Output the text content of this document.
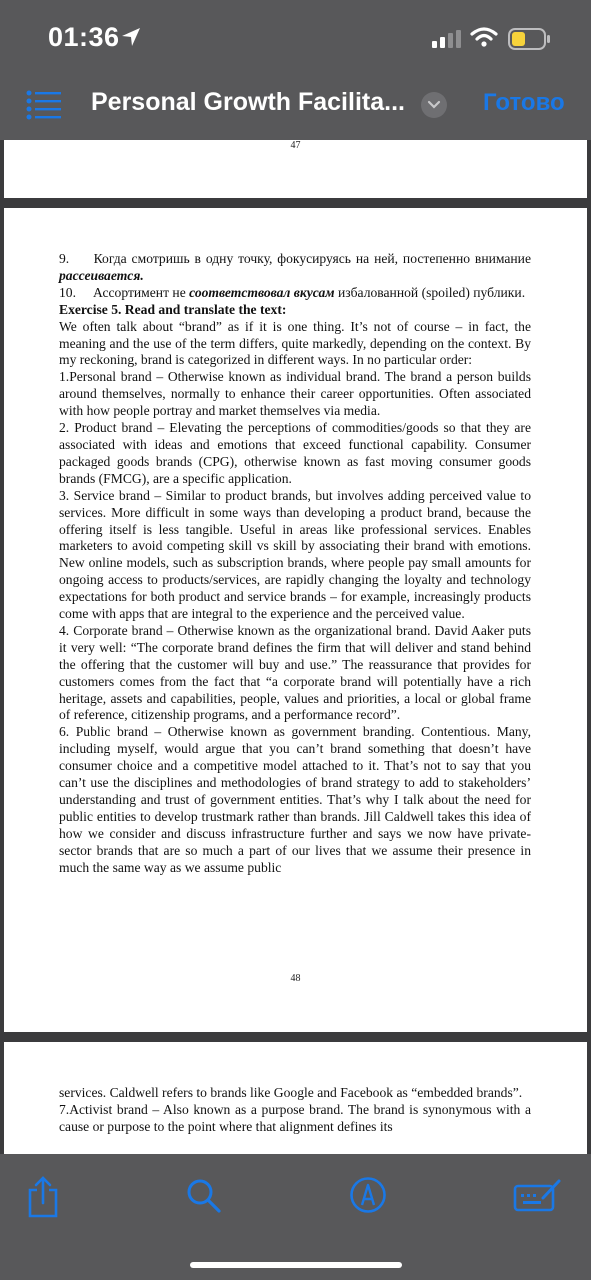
01:36
Personal Growth Facilita...	Готово
47

9. Когда смотришь в одну точку, фокусируясь на ней, постепенно внимание рассеивается.

10. Ассортимент не соответствовал вкусам избалованной (spoiled) публики.

Exercise 5. Read and translate the text:

We often talk about “brand” as if it is one thing. It’s not of course – in fact, the meaning and the use of the term differs, quite markedly, depending on the context. By my reckoning, brand is categorized in different ways. In no particular order:

1.Personal brand – Otherwise known as individual brand. The brand a person builds around themselves, normally to enhance their career opportunities. Often associated with how people portray and market themselves via media.

2. Product brand – Elevating the perceptions of commodities/goods so that they are associated with ideas and emotions that exceed functional capability. Consumer packaged goods brands (CPG), otherwise known as fast moving consumer goods brands (FMCG), are a specific application.

3. Service brand – Similar to product brands, but involves adding perceived value to services. More difficult in some ways than developing a product brand, because the offering itself is less tangible. Useful in areas like professional services. Enables marketers to avoid competing skill vs skill by associating their brand with emotions. New online models, such as subscription brands, where people pay small amounts for ongoing access to products/services, are rapidly changing the loyalty and technology expectations for both product and service brands – for example, increasingly products come with apps that are integral to the experience and the perceived value.

4. Corporate brand – Otherwise known as the organizational brand. David Aaker puts it very well: “The corporate brand defines the firm that will deliver and stand behind the offering that the customer will buy and use.” The reassurance that provides for customers comes from the fact that “a corporate brand will potentially have a rich heritage, assets and capabilities, people, values and priorities, a local or global frame of reference, citizenship programs, and a performance record”.

6. Public brand – Otherwise known as government branding. Contentious. Many, including myself, would argue that you can’t brand something that doesn’t have consumer choice and a competitive model attached to it. That’s not to say that you can’t use the disciplines and methodologies of brand strategy to add to stakeholders’ understanding and trust of government entities. That’s why I talk about the need for public entities to develop trustmark rather than brands. Jill Caldwell takes this idea of how we consider and discuss infrastructure further and says we now have private-sector brands that are so much a part of our lives that we assume their presence in much the same way as we assume public

48

services. Caldwell refers to brands like Google and Facebook as “embedded brands”.

7.Activist brand – Also known as a purpose brand. The brand is synonymous with a cause or purpose to the point where that alignment defines its
